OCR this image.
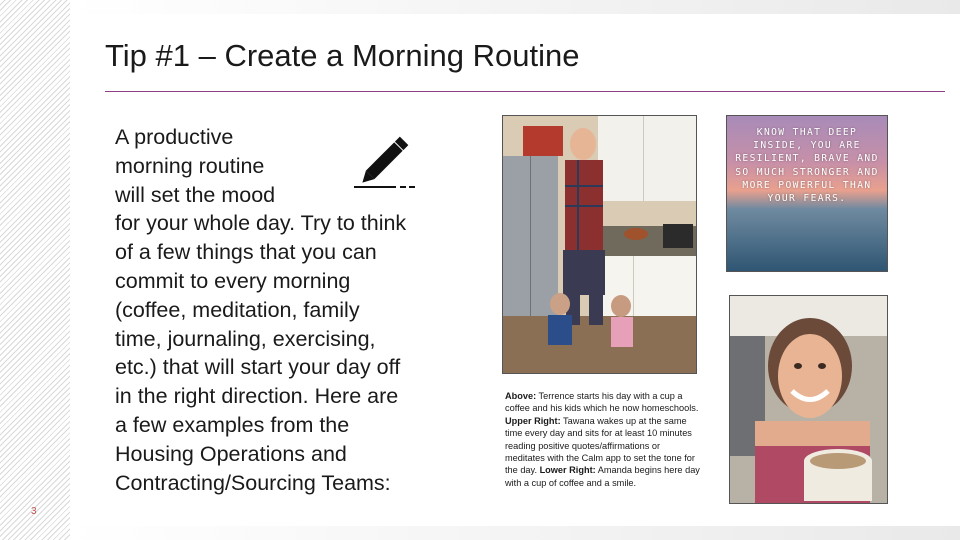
Tip #1 – Create a Morning Routine
A productive
morning routine
will set the mood
for your whole day. Try to think
of a few things that you can
commit to every morning
(coffee, meditation, family
time, journaling, exercising,
etc.) that will start your day off
in the right direction. Here are
a few examples from the
Housing Operations and
Contracting/Sourcing Teams:
KNOW THAT DEEP INSIDE, YOU ARE RESILIENT, BRAVE AND SO MUCH STRONGER AND MORE POWERFUL THAN YOUR FEARS.
Above: Terrence starts his day with a cup a coffee and his kids which he now homeschools. Upper Right: Tawana wakes up at the same time every day and sits for at least 10 minutes reading positive quotes/affirmations or meditates with the Calm app to set the tone for the day. Lower Right: Amanda begins here day with a cup of coffee and a smile.
3
